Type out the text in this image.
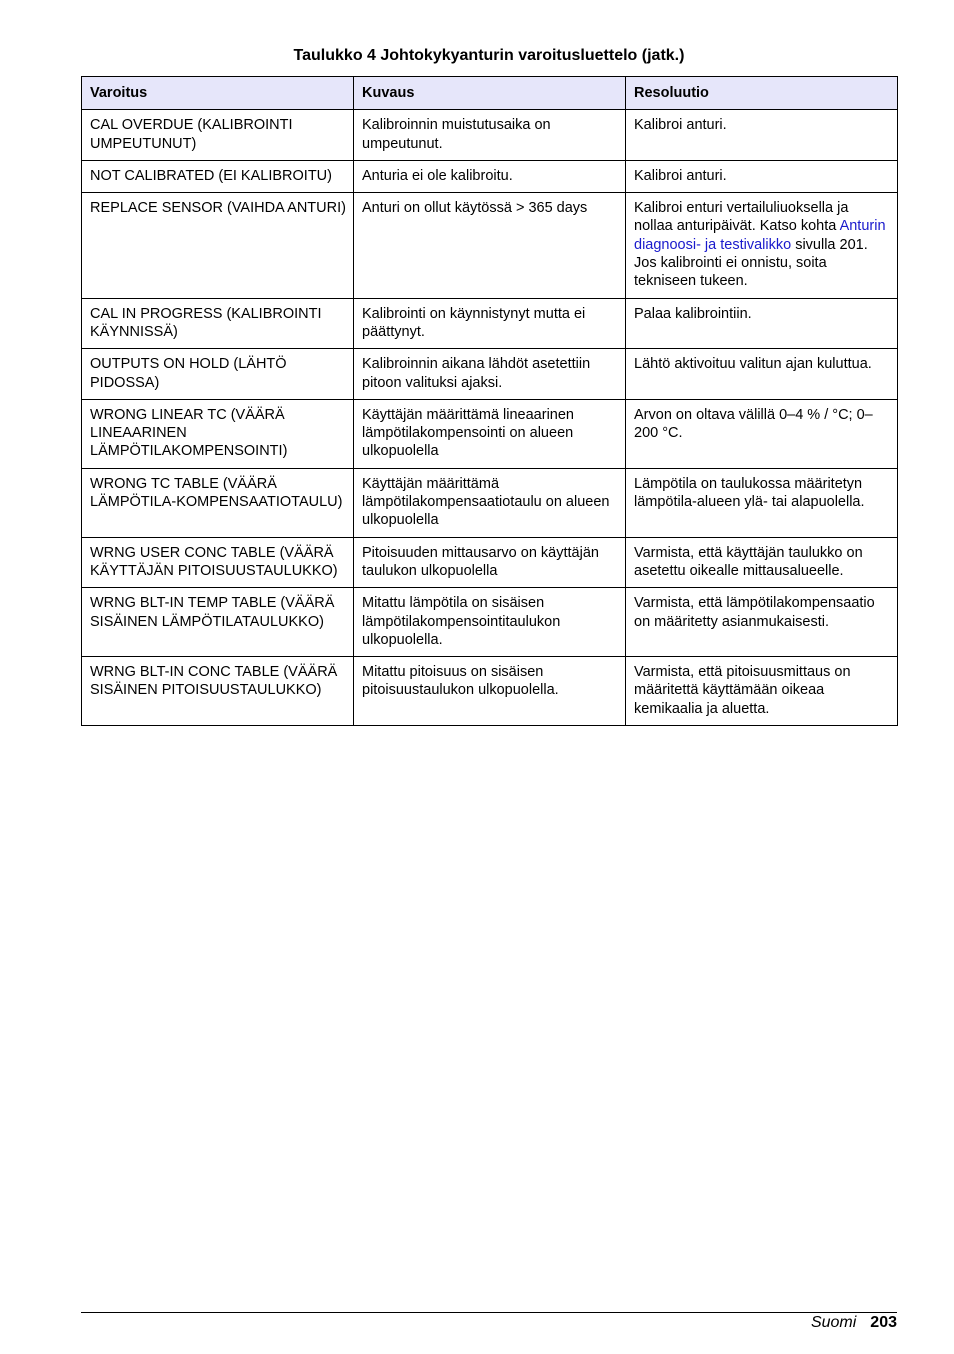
Taulukko 4 Johtokykyanturin varoitusluettelo (jatk.)
Varoitus	Kuvaus	Resoluutio
CAL OVERDUE (KALIBROINTI UMPEUTUNUT)	Kalibroinnin muistutusaika on umpeutunut.	Kalibroi anturi.
NOT CALIBRATED (EI KALIBROITU)	Anturia ei ole kalibroitu.	Kalibroi anturi.
REPLACE SENSOR (VAIHDA ANTURI)	Anturi on ollut käytössä > 365 days	Kalibroi enturi vertailuliuoksella ja nollaa anturipäivät. Katso kohta Anturin diagnoosi- ja testivalikko sivulla 201. Jos kalibrointi ei onnistu, soita tekniseen tukeen.
CAL IN PROGRESS (KALIBROINTI KÄYNNISSÄ)	Kalibrointi on käynnistynyt mutta ei päättynyt.	Palaa kalibrointiin.
OUTPUTS ON HOLD (LÄHTÖ PIDOSSA)	Kalibroinnin aikana lähdöt asetettiin pitoon valituksi ajaksi.	Lähtö aktivoituu valitun ajan kuluttua.
WRONG LINEAR TC (VÄÄRÄ LINEAARINEN LÄMPÖTILAKOMPENSOINTI)	Käyttäjän määrittämä lineaarinen lämpötilakompensointi on alueen ulkopuolella	Arvon on oltava välillä 0–4 % / °C; 0–200 °C.
WRONG TC TABLE (VÄÄRÄ LÄMPÖTILA-KOMPENSAATIOTAULU)	Käyttäjän määrittämä lämpötilakompensaatiotaulu on alueen ulkopuolella	Lämpötila on taulukossa määritetyn lämpötila-alueen ylä- tai alapuolella.
WRNG USER CONC TABLE (VÄÄRÄ KÄYTTÄJÄN PITOISUUSTAULUKKO)	Pitoisuuden mittausarvo on käyttäjän taulukon ulkopuolella	Varmista, että käyttäjän taulukko on asetettu oikealle mittausalueelle.
WRNG BLT-IN TEMP TABLE (VÄÄRÄ SISÄINEN LÄMPÖTILATAULUKKO)	Mitattu lämpötila on sisäisen lämpötilakompensointitaulukon ulkopuolella.	Varmista, että lämpötilakompensaatio on määritetty asianmukaisesti.
WRNG BLT-IN CONC TABLE (VÄÄRÄ SISÄINEN PITOISUUSTAULUKKO)	Mitattu pitoisuus on sisäisen pitoisuustaulukon ulkopuolella.	Varmista, että pitoisuusmittaus on määritettä käyttämään oikeaa kemikaalia ja aluetta.
Suomi 203
